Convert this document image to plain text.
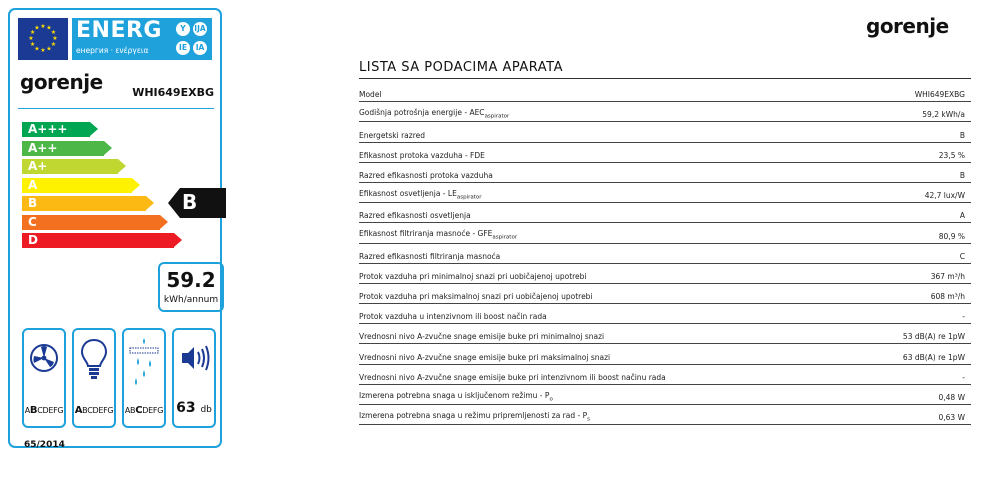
★ ★
★
★
★
★
★
★
★
★
★
★ ENERG
енергия · ενέργεια
Y	IJA
IE	IA
gorenje	WHI649EXBG
A+++
A++
A+
A
B
C
D
B
59.2
kWh/annum
ABCDEFG ABCDEFG ABCDEFG 63 db
65/2014
gorenje
LISTA SA PODACIMA APARATA
Model	WHI649EXBG
Godišnja potrošnja energije - $AEC_{aspirator}$	59,2 kWh/a
Energetski razred	B
Efikasnost protoka vazduha - FDE	23,5 %
Razred efikasnosti protoka vazduha	B
Efikasnost osvetljenja - $LE_{aspirator}$	42,7 lux/W
Razred efikasnosti osvetljenja	A
Efikasnost filtriranja masnoće - $GFE_{aspirator}$	80,9 %
Razred efikasnosti filtriranja masnoća	C
Protok vazduha pri minimalnoj snazi pri uobičajenoj upotrebi	367 m³/h
Protok vazduha pri maksimalnoj snazi pri uobičajenoj upotrebi	608 m³/h
Protok vazduha u intenzivnom ili boost način rada	-
Vrednosni nivo A-zvučne snage emisije buke pri minimalnoj snazi	53 dB(A) re 1pW
Vrednosni nivo A-zvučne snage emisije buke pri maksimalnoj snazi	63 dB(A) re 1pW
Vrednosni nivo A-zvučne snage emisije buke pri intenzivnom ili boost načinu rada	-
Izmerena potrebna snaga u isključenom režimu - $P_o$	0,48 W
Izmerena potrebna snaga u režimu pripremljenosti za rad - $P_s$	0,63 W
